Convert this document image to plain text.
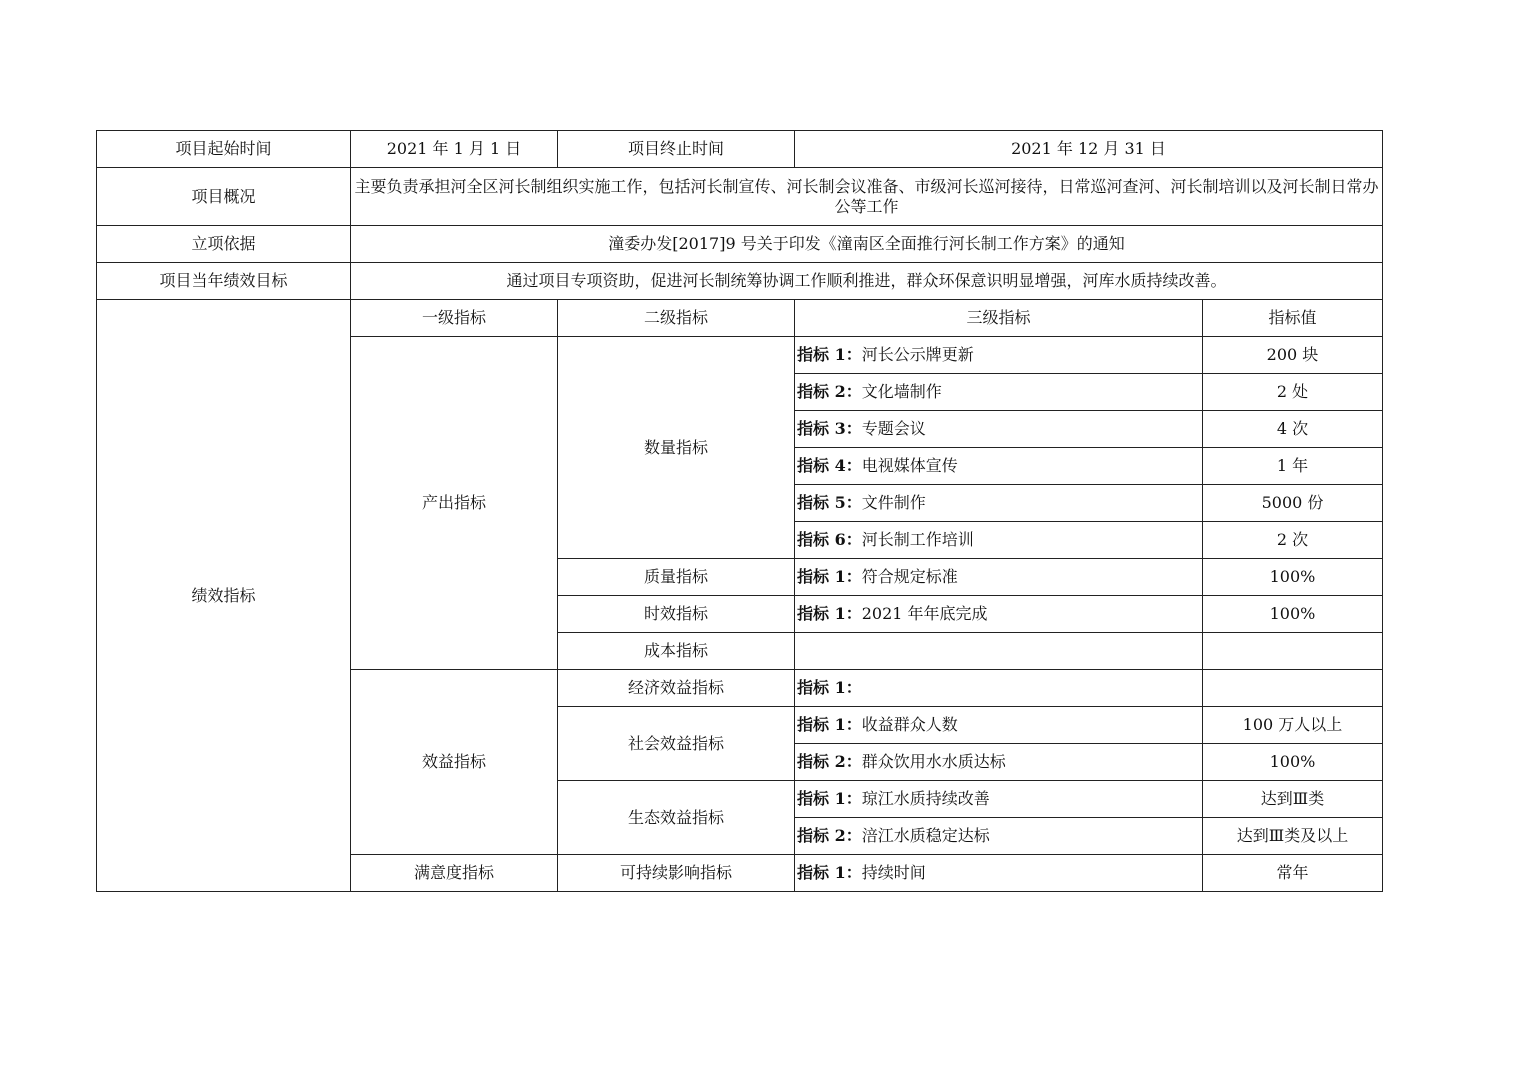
项目起始时间	2021 年 1 月 1 日	项目终止时间	2021 年 12 月 31 日	
项目概况	主要负责承担河全区河长制组织实施工作，包括河长制宣传、河长制会议准备、市级河长巡河接待，日常巡河查河、河长制培训以及河长制日常办公等工作			
立项依据	潼委办发[2017]9 号关于印发《潼南区全面推行河长制工作方案》的通知			
项目当年绩效目标	通过项目专项资助，促进河长制统筹协调工作顺利推进，群众环保意识明显增强，河库水质持续改善。			
绩效指标	一级指标	二级指标	三级指标	指标值
	产出指标	数量指标	指标 1：河长公示牌更新	200 块
			指标 2：文化墙制作	2 处
			指标 3：专题会议	4 次
			指标 4：电视媒体宣传	1 年
			指标 5：文件制作	5000 份
			指标 6：河长制工作培训	2 次
		质量指标	指标 1：符合规定标准	100%
		时效指标	指标 1：2021 年年底完成	100%
		成本指标		
	效益指标	经济效益指标	指标 1：	
		社会效益指标	指标 1：收益群众人数	100 万人以上
			指标 2：群众饮用水水质达标	100%
		生态效益指标	指标 1：琼江水质持续改善	达到Ⅲ类
			指标 2：涪江水质稳定达标	达到Ⅲ类及以上
	满意度指标	可持续影响指标	指标 1：持续时间	常年
